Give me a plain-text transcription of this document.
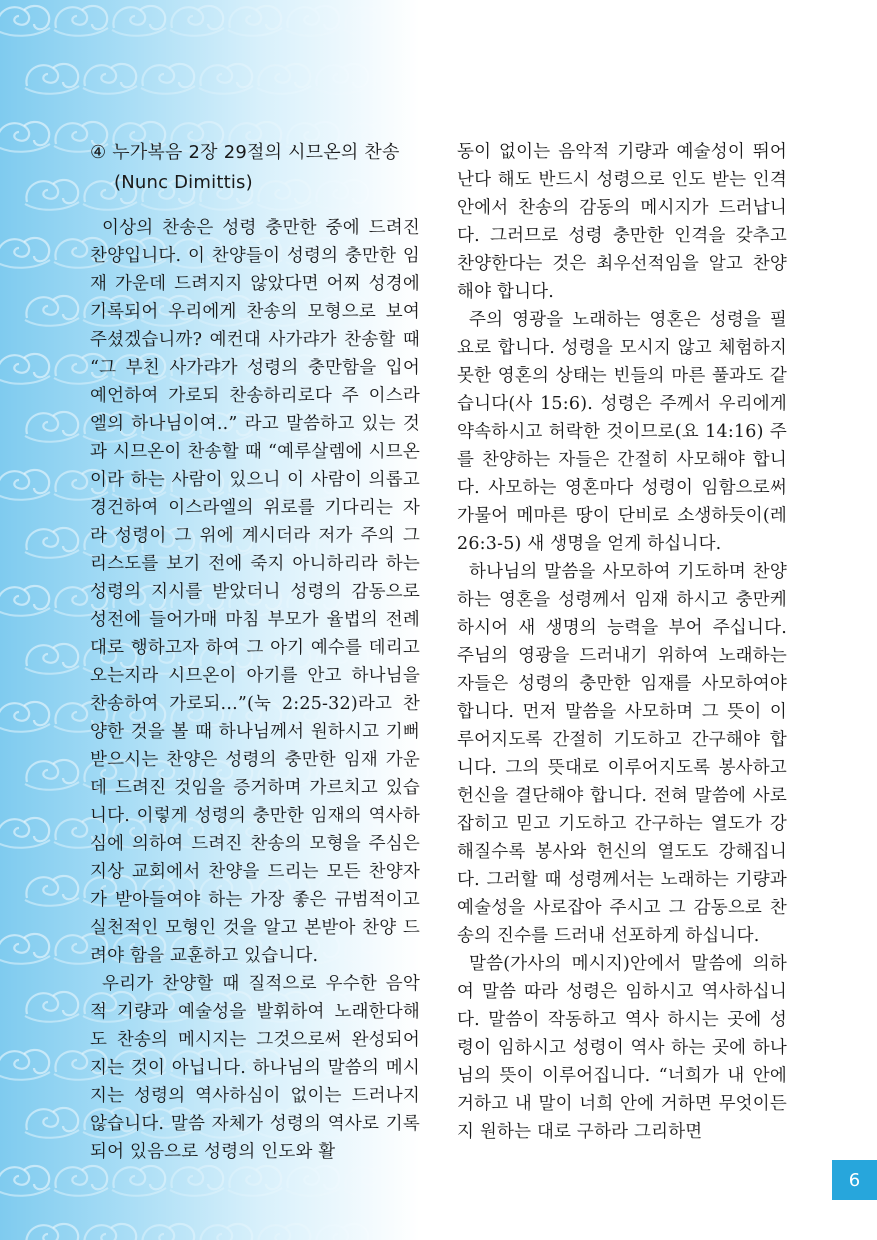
④ 누가복음 2장 29절의 시므온의 찬송
(Nunc Dimittis)

이상의 찬송은 성령 충만한 중에 드려진 찬양입니다. 이 찬양들이 성령의 충만한 임재 가운데 드려지지 않았다면 어찌 성경에 기록되어 우리에게 찬송의 모형으로 보여 주셨겠습니까? 예컨대 사가랴가 찬송할 때 “그 부친 사가랴가 성령의 충만함을 입어 예언하여 가로되 찬송하리로다 주 이스라엘의 하나님이여..” 라고 말씀하고 있는 것과 시므온이 찬송할 때 “예루살렘에 시므온이라 하는 사람이 있으니 이 사람이 의롭고 경건하여 이스라엘의 위로를 기다리는 자라 성령이 그 위에 계시더라 저가 주의 그리스도를 보기 전에 죽지 아니하리라 하는 성령의 지시를 받았더니 성령의 감동으로 성전에 들어가매 마침 부모가 율법의 전례대로 행하고자 하여 그 아기 예수를 데리고 오는지라 시므온이 아기를 안고 하나님을 찬송하여 가로되...”(눅 2:25-32)라고 찬양한 것을 볼 때 하나님께서 원하시고 기뻐 받으시는 찬양은 성령의 충만한 임재 가운데 드려진 것임을 증거하며 가르치고 있습니다. 이렇게 성령의 충만한 임재의 역사하심에 의하여 드려진 찬송의 모형을 주심은 지상 교회에서 찬양을 드리는 모든 찬양자가 받아들여야 하는 가장 좋은 규범적이고 실천적인 모형인 것을 알고 본받아 찬양 드려야 함을 교훈하고 있습니다.

우리가 찬양할 때 질적으로 우수한 음악적 기량과 예술성을 발휘하여 노래한다해도 찬송의 메시지는 그것으로써 완성되어 지는 것이 아닙니다. 하나님의 말씀의 메시지는 성령의 역사하심이 없이는 드러나지 않습니다. 말씀 자체가 성령의 역사로 기록되어 있음으로 성령의 인도와 활

동이 없이는 음악적 기량과 예술성이 뛰어난다 해도 반드시 성령으로 인도 받는 인격 안에서 찬송의 감동의 메시지가 드러납니다. 그러므로 성령 충만한 인격을 갖추고 찬양한다는 것은 최우선적임을 알고 찬양해야 합니다.

주의 영광을 노래하는 영혼은 성령을 필요로 합니다. 성령을 모시지 않고 체험하지 못한 영혼의 상태는 빈들의 마른 풀과도 같습니다(사 15:6). 성령은 주께서 우리에게 약속하시고 허락한 것이므로(요 14:16) 주를 찬양하는 자들은 간절히 사모해야 합니다. 사모하는 영혼마다 성령이 임함으로써 가물어 메마른 땅이 단비로 소생하듯이(레 26:3-5) 새 생명을 얻게 하십니다.

하나님의 말씀을 사모하여 기도하며 찬양하는 영혼을 성령께서 임재 하시고 충만케 하시어 새 생명의 능력을 부어 주십니다. 주님의 영광을 드러내기 위하여 노래하는 자들은 성령의 충만한 임재를 사모하여야 합니다. 먼저 말씀을 사모하며 그 뜻이 이루어지도록 간절히 기도하고 간구해야 합니다. 그의 뜻대로 이루어지도록 봉사하고 헌신을 결단해야 합니다. 전혀 말씀에 사로잡히고 믿고 기도하고 간구하는 열도가 강해질수록 봉사와 헌신의 열도도 강해집니다. 그러할 때 성령께서는 노래하는 기량과 예술성을 사로잡아 주시고 그 감동으로 찬송의 진수를 드러내 선포하게 하십니다.

말씀(가사의 메시지)안에서 말씀에 의하여 말씀 따라 성령은 임하시고 역사하십니다. 말씀이 작동하고 역사 하시는 곳에 성령이 임하시고 성령이 역사 하는 곳에 하나님의 뜻이 이루어집니다. “너희가 내 안에 거하고 내 말이 너희 안에 거하면 무엇이든지 원하는 대로 구하라 그리하면

6
